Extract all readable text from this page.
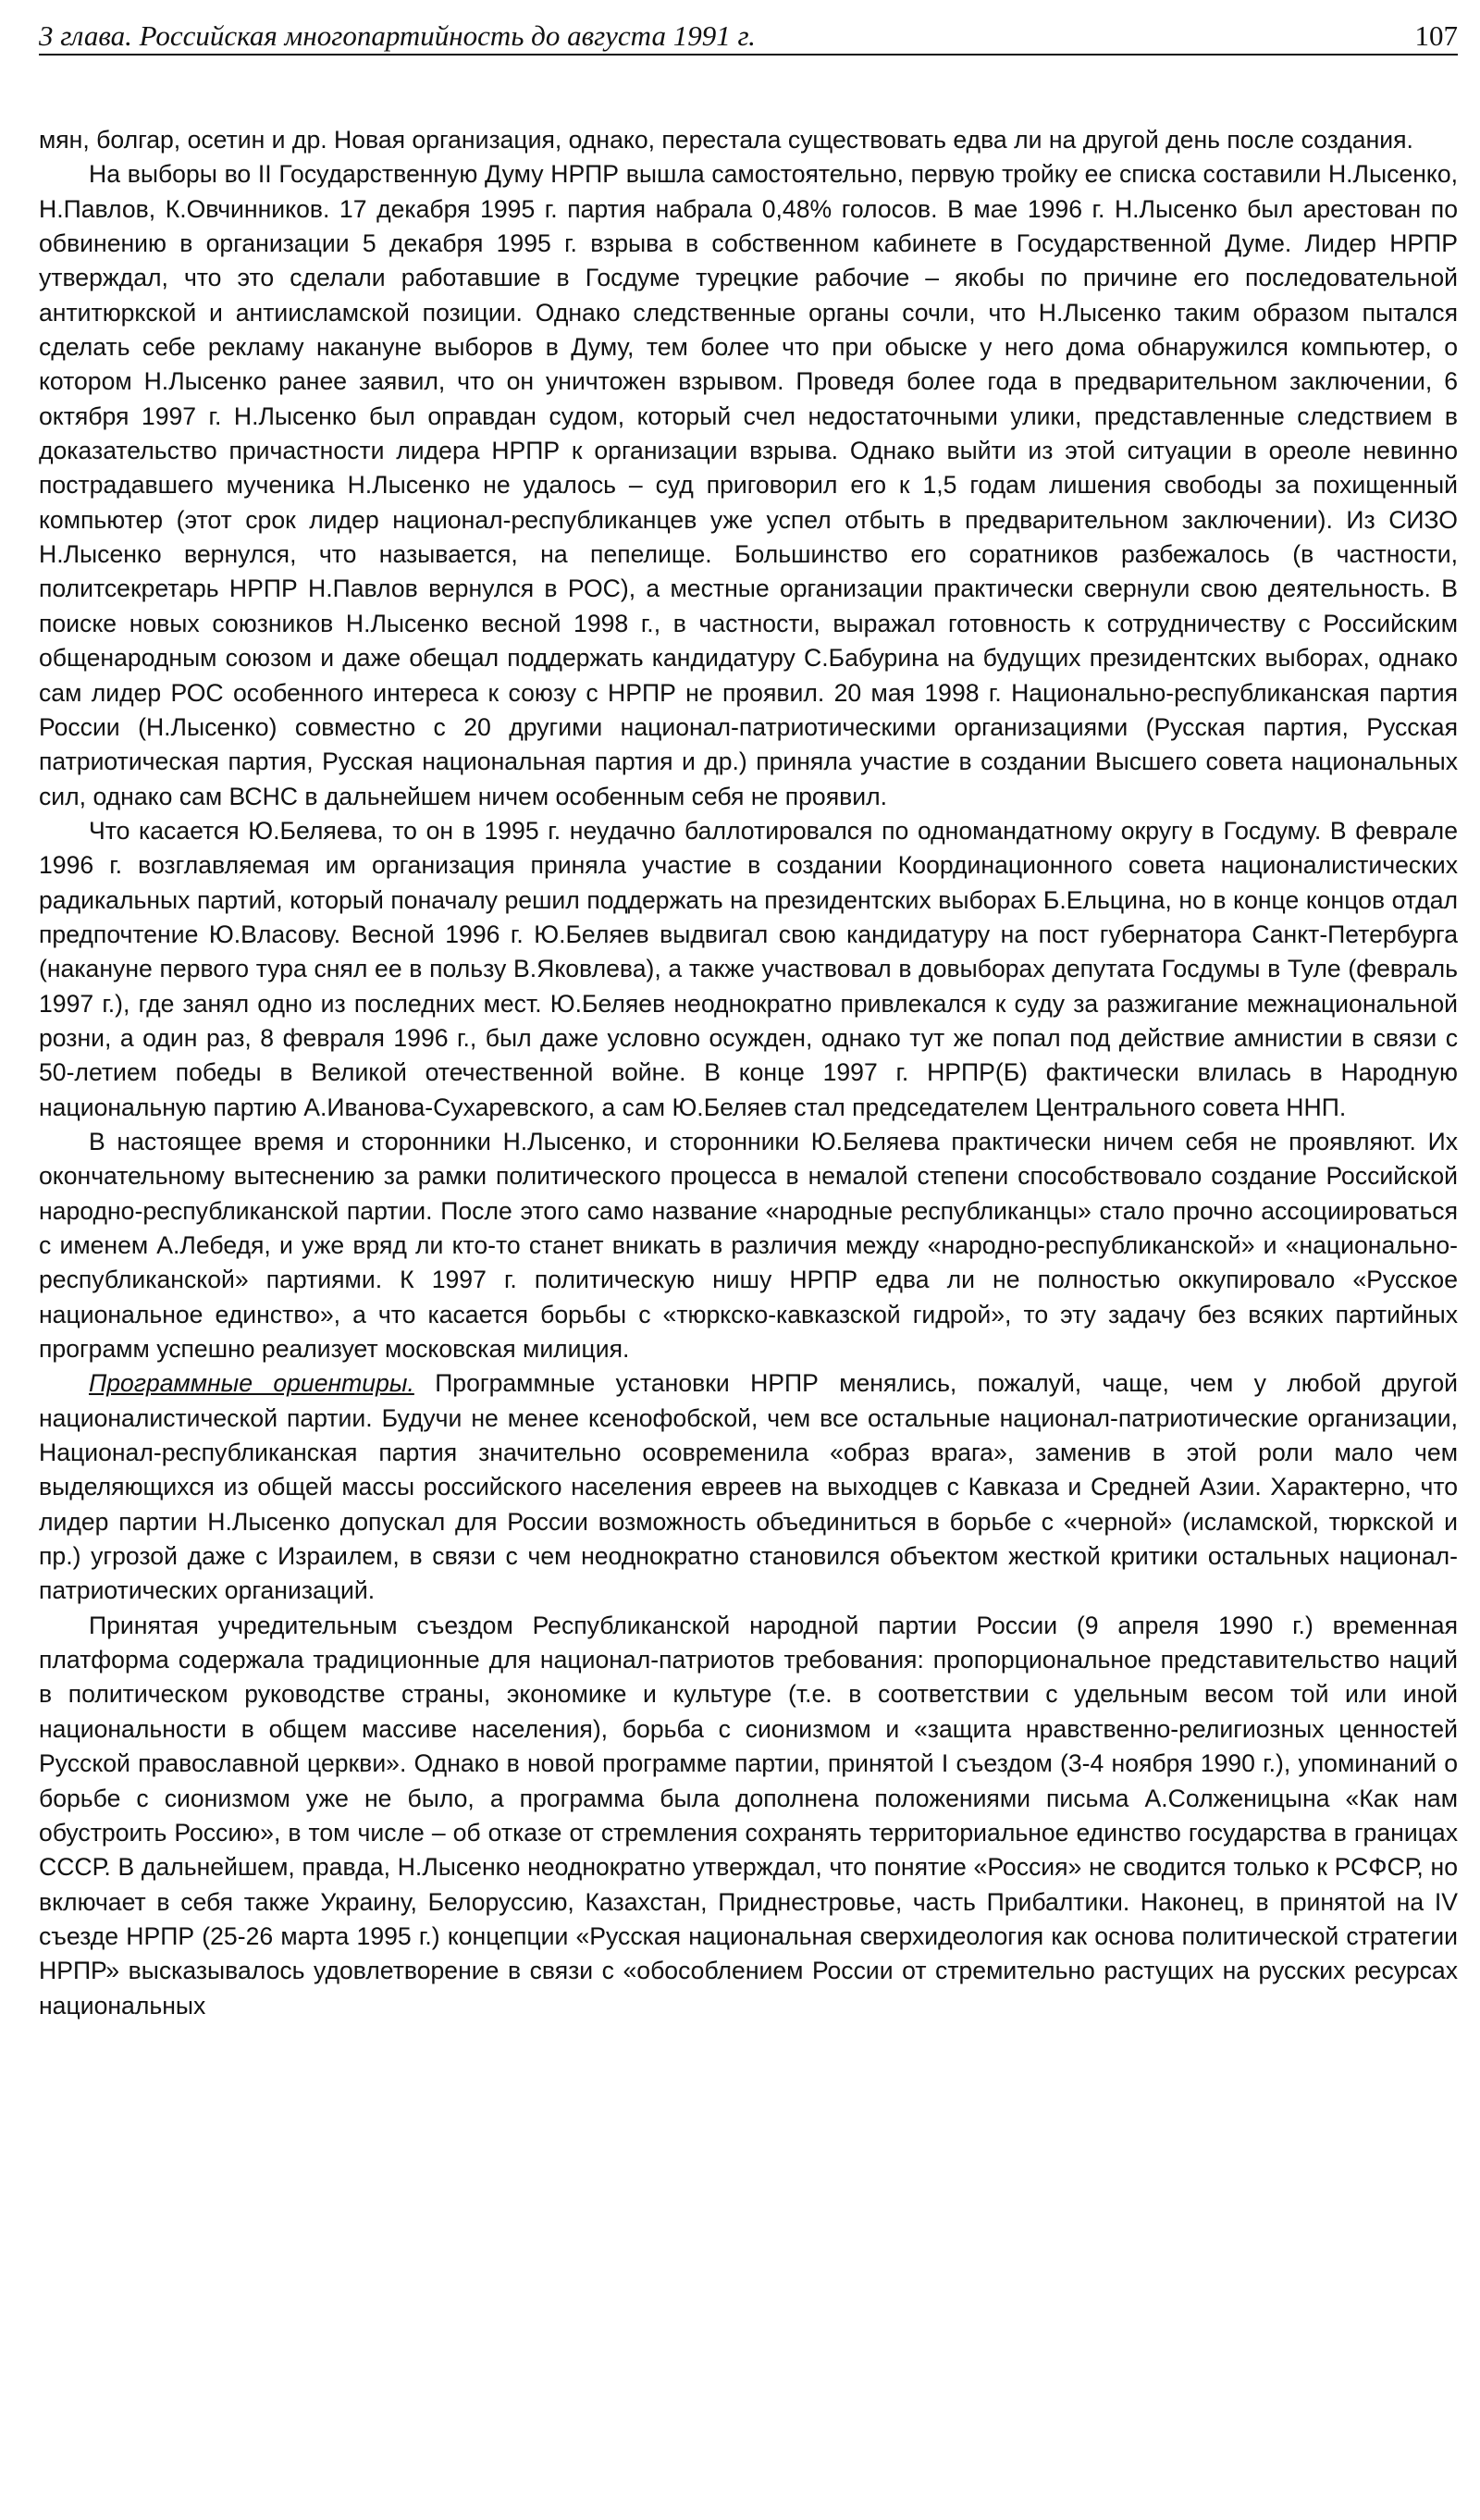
3 глава. Российская многопартийность до августа 1991 г.	107

мян, болгар, осетин и др. Новая организация, однако, перестала существовать едва ли на другой день после создания.

На выборы во II Государственную Думу НРПР вышла самостоятельно, первую тройку ее списка составили Н.Лысенко, Н.Павлов, К.Овчинников. 17 декабря 1995 г. партия набрала 0,48% голосов. В мае 1996 г. Н.Лысенко был арестован по обвинению в организации 5 декабря 1995 г. взрыва в собственном кабинете в Государственной Думе. Лидер НРПР утверждал, что это сделали работавшие в Госдуме турецкие рабочие – якобы по причине его последовательной антитюркской и антиисламской позиции. Однако следственные органы сочли, что Н.Лысенко таким образом пытался сделать себе рекламу накануне выборов в Думу, тем более что при обыске у него дома обнаружился компьютер, о котором Н.Лысенко ранее заявил, что он уничтожен взрывом. Проведя более года в предварительном заключении, 6 октября 1997 г. Н.Лысенко был оправдан судом, который счел недостаточными улики, представленные следствием в доказательство причастности лидера НРПР к организации взрыва. Однако выйти из этой ситуации в ореоле невинно пострадавшего мученика Н.Лысенко не удалось – суд приговорил его к 1,5 годам лишения свободы за похищенный компьютер (этот срок лидер национал-республиканцев уже успел отбыть в предварительном заключении). Из СИЗО Н.Лысенко вернулся, что называется, на пепелище. Большинство его соратников разбежалось (в частности, политсекретарь НРПР Н.Павлов вернулся в РОС), а местные организации практически свернули свою деятельность. В поиске новых союзников Н.Лысенко весной 1998 г., в частности, выражал готовность к сотрудничеству с Российским общенародным союзом и даже обещал поддержать кандидатуру С.Бабурина на будущих президентских выборах, однако сам лидер РОС особенного интереса к союзу с НРПР не проявил. 20 мая 1998 г. Национально-республиканская партия России (Н.Лысенко) совместно с 20 другими национал-патриотическими организациями (Русская партия, Русская патриотическая партия, Русская национальная партия и др.) приняла участие в создании Высшего совета национальных сил, однако сам ВСНС в дальнейшем ничем особенным себя не проявил.

Что касается Ю.Беляева, то он в 1995 г. неудачно баллотировался по одномандатному округу в Госдуму. В феврале 1996 г. возглавляемая им организация приняла участие в создании Координационного совета националистических радикальных партий, который поначалу решил поддержать на президентских выборах Б.Ельцина, но в конце концов отдал предпочтение Ю.Власову. Весной 1996 г. Ю.Беляев выдвигал свою кандидатуру на пост губернатора Санкт-Петербурга (накануне первого тура снял ее в пользу В.Яковлева), а также участвовал в довыборах депутата Госдумы в Туле (февраль 1997 г.), где занял одно из последних мест. Ю.Беляев неоднократно привлекался к суду за разжигание межнациональной розни, а один раз, 8 февраля 1996 г., был даже условно осужден, однако тут же попал под действие амнистии в связи с 50-летием победы в Великой отечественной войне. В конце 1997 г. НРПР(Б) фактически влилась в Народную национальную партию А.Иванова-Сухаревского, а сам Ю.Беляев стал председателем Центрального совета ННП.

В настоящее время и сторонники Н.Лысенко, и сторонники Ю.Беляева практически ничем себя не проявляют. Их окончательному вытеснению за рамки политического процесса в немалой степени способствовало создание Российской народно-республиканской партии. После этого само название «народные республиканцы» стало прочно ассоциироваться с именем А.Лебедя, и уже вряд ли кто-то станет вникать в различия между «народно-республиканской» и «национально-республиканской» партиями. К 1997 г. политическую нишу НРПР едва ли не полностью оккупировало «Русское национальное единство», а что касается борьбы с «тюркско-кавказской гидрой», то эту задачу без всяких партийных программ успешно реализует московская милиция.

Программные ориентиры. Программные установки НРПР менялись, пожалуй, чаще, чем у любой другой националистической партии. Будучи не менее ксенофобской, чем все остальные национал-патриотические организации, Национал-республиканская партия значительно осовременила «образ врага», заменив в этой роли мало чем выделяющихся из общей массы российского населения евреев на выходцев с Кавказа и Средней Азии. Характерно, что лидер партии Н.Лысенко допускал для России возможность объединиться в борьбе с «черной» (исламской, тюркской и пр.) угрозой даже с Израилем, в связи с чем неоднократно становился объектом жесткой критики остальных национал-патриотических организаций.

Принятая учредительным съездом Республиканской народной партии России (9 апреля 1990 г.) временная платформа содержала традиционные для национал-патриотов требования: пропорциональное представительство наций в политическом руководстве страны, экономике и культуре (т.е. в соответствии с удельным весом той или иной национальности в общем массиве населения), борьба с сионизмом и «защита нравственно-религиозных ценностей Русской православной церкви». Однако в новой программе партии, принятой I съездом (3-4 ноября 1990 г.), упоминаний о борьбе с сионизмом уже не было, а программа была дополнена положениями письма А.Солженицына «Как нам обустроить Россию», в том числе – об отказе от стремления сохранять территориальное единство государства в границах СССР. В дальнейшем, правда, Н.Лысенко неоднократно утверждал, что понятие «Россия» не сводится только к РСФСР, но включает в себя также Украину, Белоруссию, Казахстан, Приднестровье, часть Прибалтики. Наконец, в принятой на IV съезде НРПР (25-26 марта 1995 г.) концепции «Русская национальная сверхидеология как основа политической стратегии НРПР» высказывалось удовлетворение в связи с «обособлением России от стремительно растущих на русских ресурсах национальных
